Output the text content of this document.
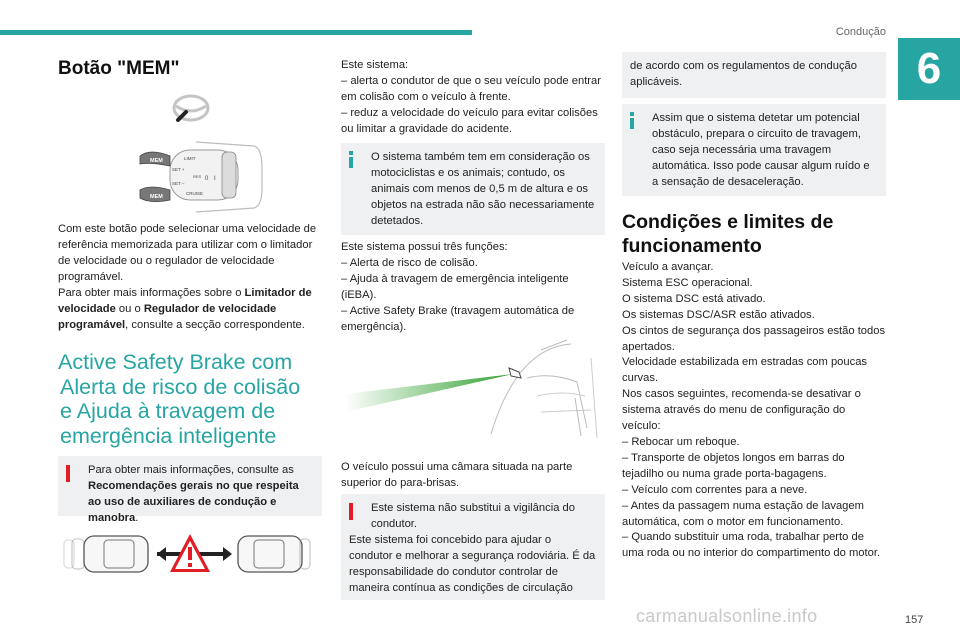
Condução
6
Botão "MEM"
MEM
MEM
LIMIT
SET +
SET –
0 I
CRUISE
RES
Com este botão pode selecionar uma velocidade de referência memorizada para utilizar com o limitador de velocidade ou o regulador de velocidade programável.
Para obter mais informações sobre o Limitador de velocidade ou o Regulador de velocidade programável, consulte a secção correspondente.
Active Safety Brake com
Alerta de risco de colisão
e Ajuda à travagem de
emergência inteligente
Para obter mais informações, consulte as Recomendações gerais no que respeita ao uso de auxiliares de condução e manobra.
Este sistema:
– alerta o condutor de que o seu veículo pode entrar em colisão com o veículo à frente.
– reduz a velocidade do veículo para evitar colisões ou limitar a gravidade do acidente.
O sistema também tem em consideração os motociclistas e os animais; contudo, os animais com menos de 0,5 m de altura e os objetos na estrada não são necessariamente detetados.
Este sistema possui três funções:
– Alerta de risco de colisão.
– Ajuda à travagem de emergência inteligente (iEBA).
– Active Safety Brake (travagem automática de emergência).
O veículo possui uma câmara situada na parte superior do para-brisas.
Este sistema não substitui a vigilância do condutor.
Este sistema foi concebido para ajudar o condutor e melhorar a segurança rodoviária. É da responsabilidade do condutor controlar de maneira contínua as condições de circulação
de acordo com os regulamentos de condução aplicáveis.
Assim que o sistema detetar um potencial obstáculo, prepara o circuito de travagem, caso seja necessária uma travagem automática. Isso pode causar algum ruído e a sensação de desaceleração.
Condições e limites de
funcionamento
Veículo a avançar.
Sistema ESC operacional.
O sistema DSC está ativado.
Os sistemas DSC/ASR estão ativados.
Os cintos de segurança dos passageiros estão todos apertados.
Velocidade estabilizada em estradas com poucas curvas.
Nos casos seguintes, recomenda-se desativar o sistema através do menu de configuração do veículo:
– Rebocar um reboque.
– Transporte de objetos longos em barras do tejadilho ou numa grade porta-bagagens.
– Veículo com correntes para a neve.
– Antes da passagem numa estação de lavagem automática, com o motor em funcionamento.
– Quando substituir uma roda, trabalhar perto de uma roda ou no interior do compartimento do motor.
carmanualsonline.info	157
